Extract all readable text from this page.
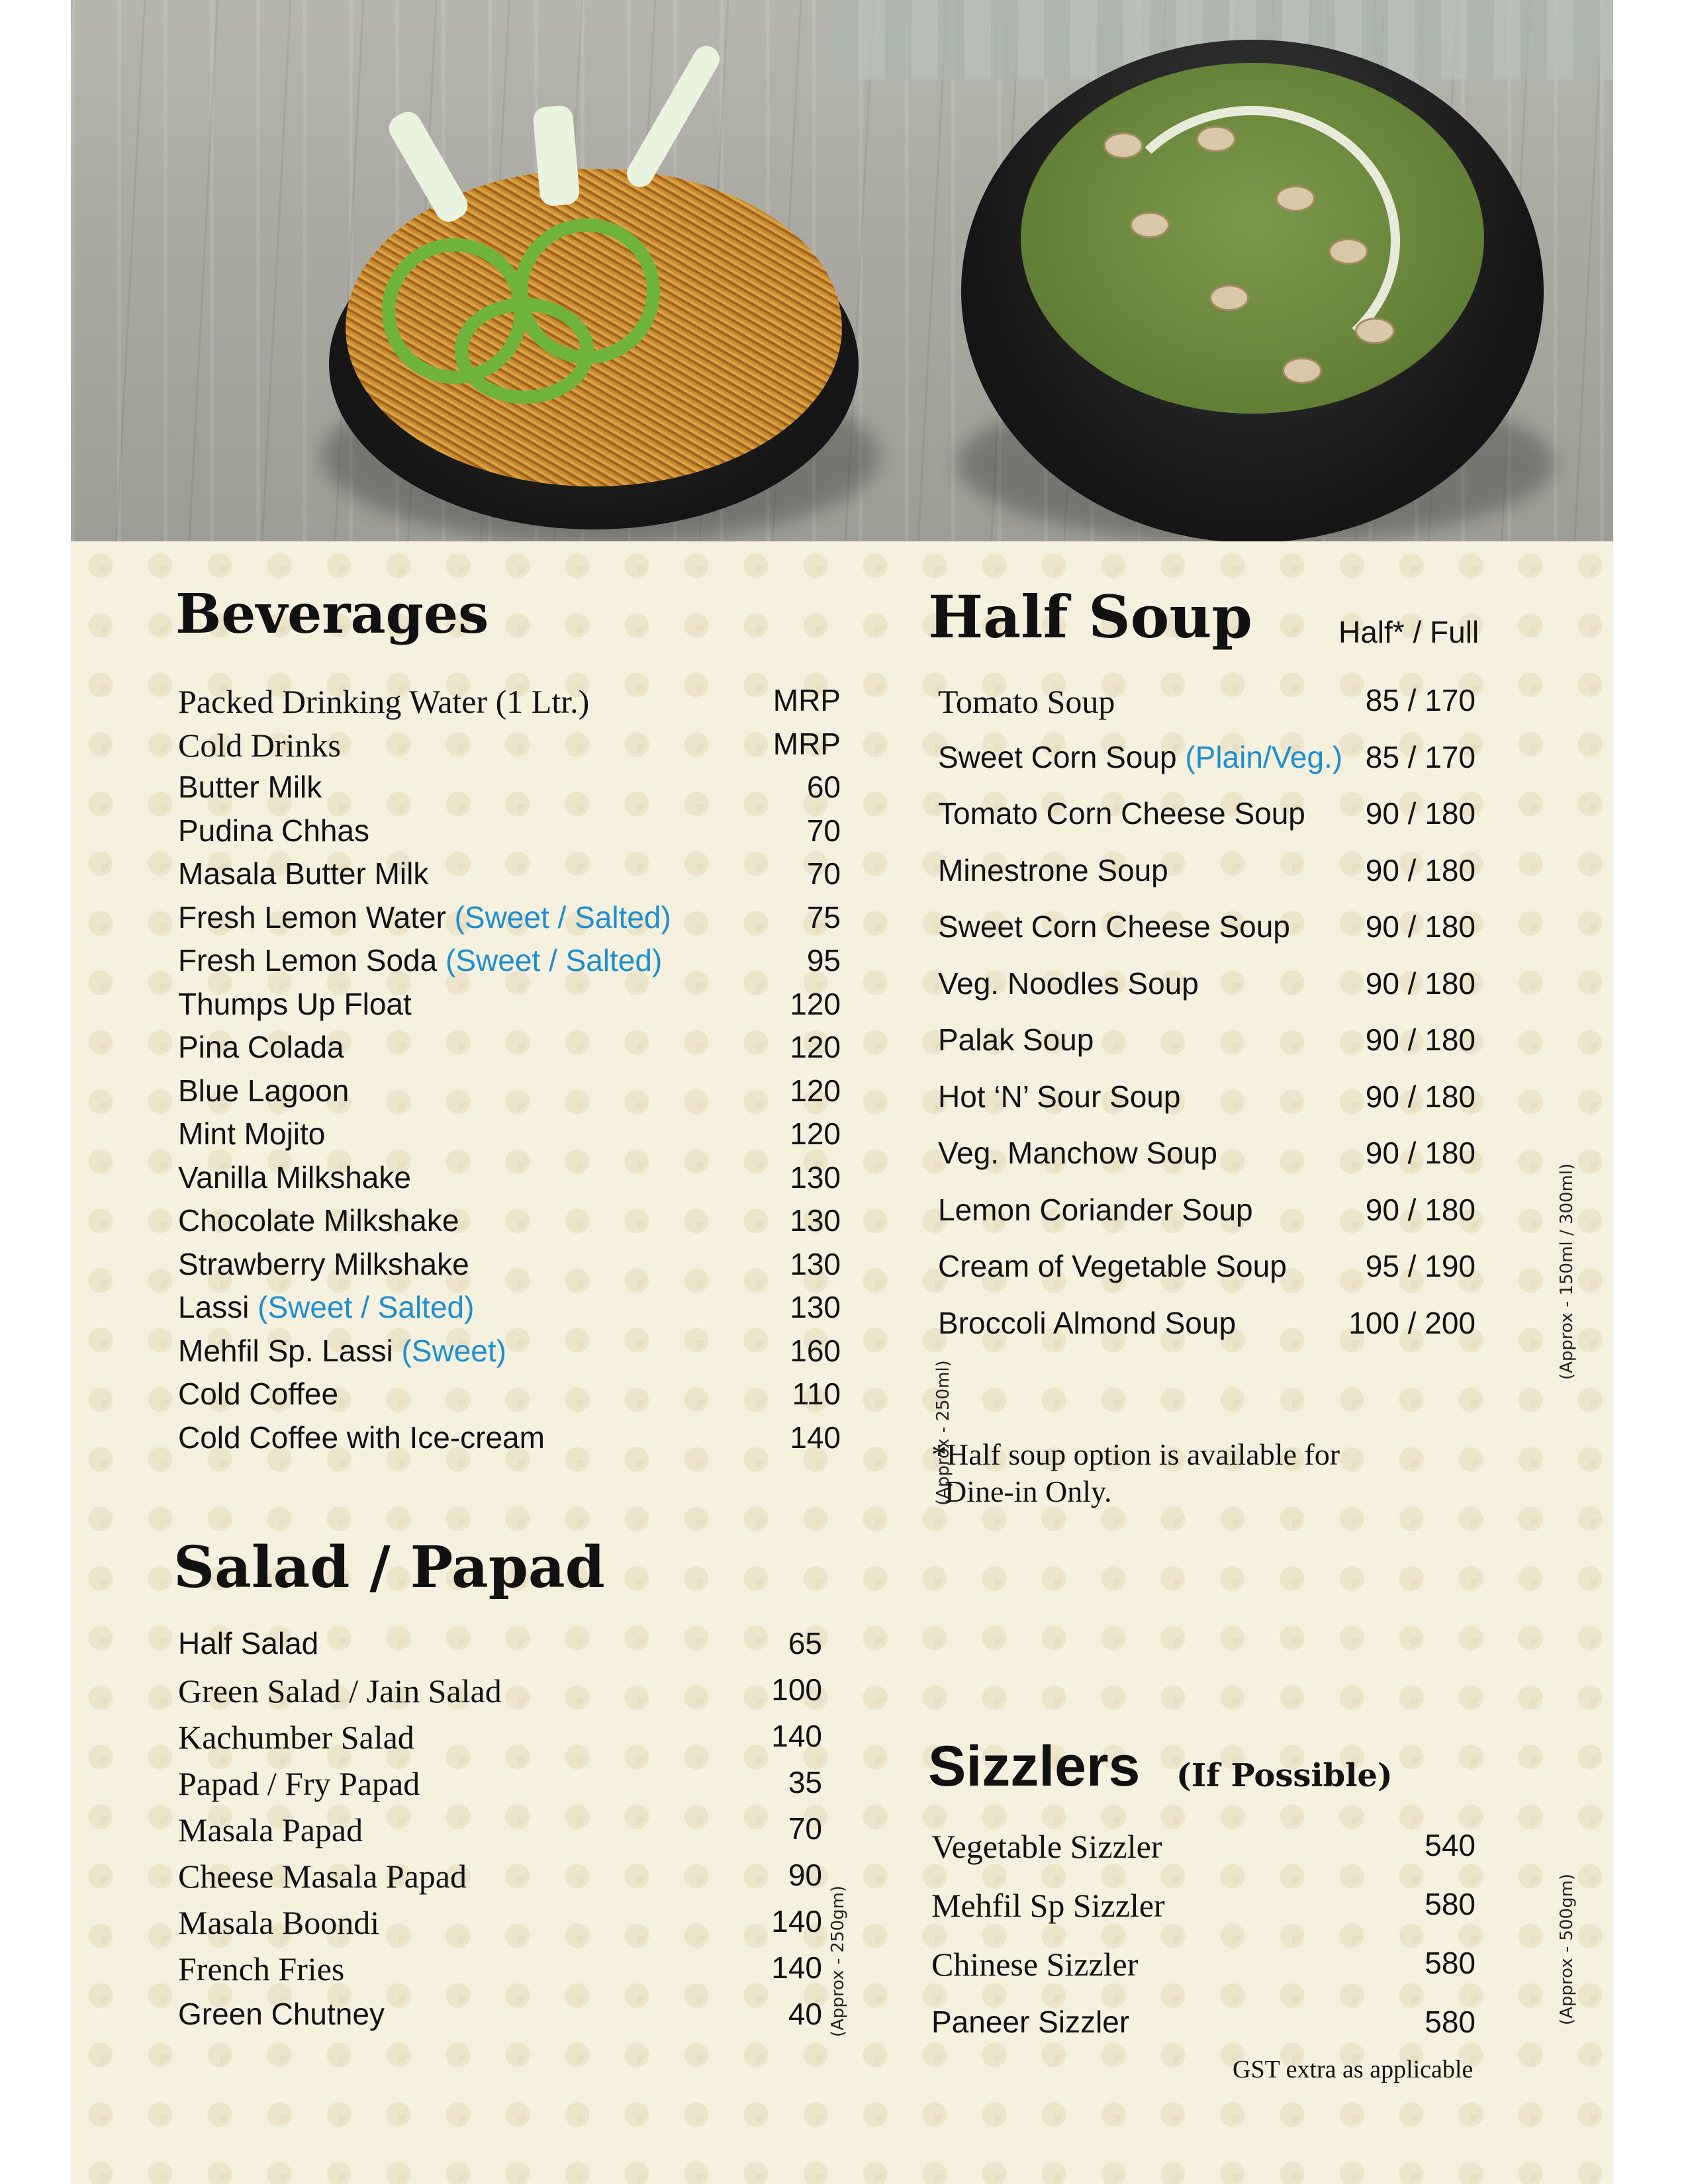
Beverages
Packed Drinking Water (1 Ltr.)	MRP
Cold Drinks	MRP
Butter Milk	60
Pudina Chhas	70
Masala Butter Milk	70
Fresh Lemon Water (Sweet / Salted)	75
Fresh Lemon Soda (Sweet / Salted)	95
Thumps Up Float	120
Pina Colada	120
Blue Lagoon	120
Mint Mojito	120
Vanilla Milkshake	130
Chocolate Milkshake	130
Strawberry Milkshake	130
Lassi (Sweet / Salted)	130
Mehfil Sp. Lassi (Sweet)	160
Cold Coffee	110
Cold Coffee with Ice-cream	140	(Approx - 250ml)
Half Soup	Half* / Full
Tomato Soup	85 / 170
Sweet Corn Soup (Plain/Veg.) 85 / 170
Tomato Corn Cheese Soup 90 / 180
Minestrone Soup	90 / 180
Sweet Corn Cheese Soup 90 / 180
Veg. Noodles Soup	90 / 180
Palak Soup	90 / 180
Hot ‘N’ Sour Soup	90 / 180
Veg. Manchow Soup	90 / 180
Lemon Coriander Soup	90 / 180
Cream of Vegetable Soup	95 / 190
Broccoli Almond Soup	100 / 200	(Approx - 150ml / 300ml)
*Half soup option is available for
Dine-in Only.
Salad / Papad
Half Salad	65
Green Salad / Jain Salad	100
Kachumber Salad	140
Papad / Fry Papad	35
Masala Papad	70
Cheese Masala Papad	90
Masala Boondi	140
French Fries	140
Green Chutney	40 (Approx - 250gm)
Sizzlers (If Possible)
Vegetable Sizzler	540
Mehfil Sp Sizzler	580
Chinese Sizzler	580
Paneer Sizzler	580	(Approx - 500gm)
GST extra as applicable
